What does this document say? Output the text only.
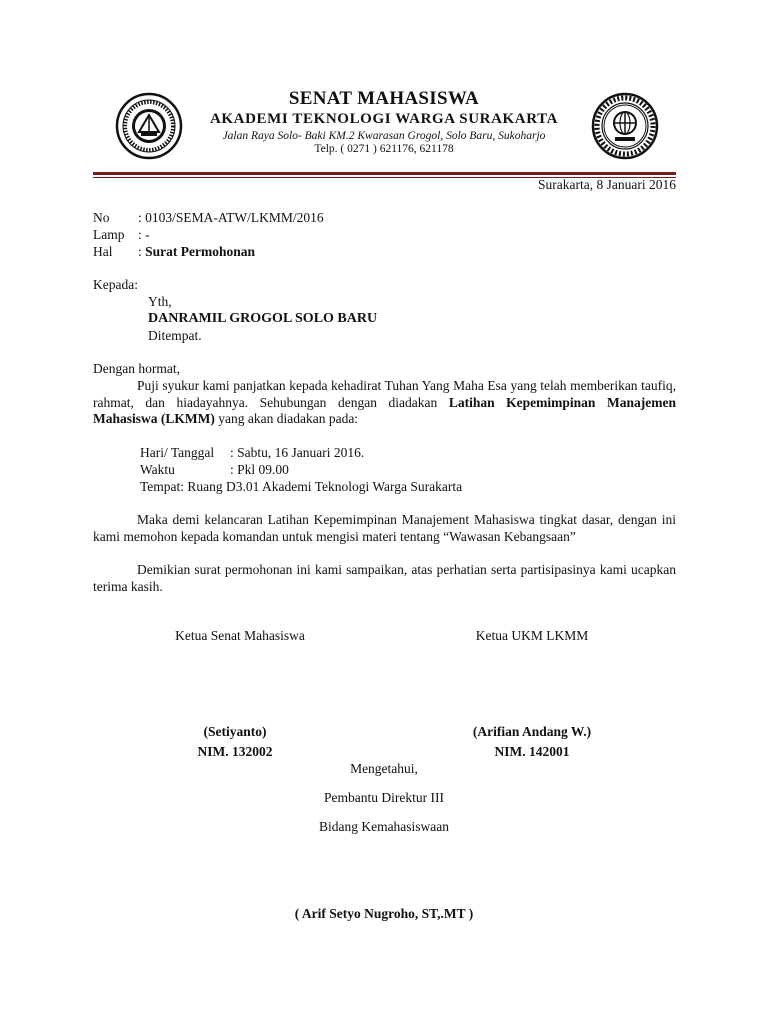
SENAT MAHASISWA
AKADEMI TEKNOLOGI WARGA SURAKARTA
Jalan Raya Solo- Baki KM.2 Kwarasan Grogol, Solo Baru, Sukoharjo
Telp. ( 0271 ) 621176, 621178
Surakarta, 8 Januari 2016
No : 0103/SEMA-ATW/LKMM/2016
Lamp : -
Hal : Surat Permohonan
Kepada:
Yth,
DANRAMIL GROGOL SOLO BARU
Ditempat.
Dengan hormat,
Puji syukur kami panjatkan kepada kehadirat Tuhan Yang Maha Esa yang telah memberikan taufiq, rahmat, dan hiadayahnya. Sehubungan dengan diadakan Latihan Kepemimpinan Manajemen Mahasiswa (LKMM) yang akan diadakan pada:
Hari/ Tanggal : Sabtu, 16 Januari 2016.
Waktu	: Pkl 09.00
Tempat: Ruang D3.01 Akademi Teknologi Warga Surakarta
Maka demi kelancaran Latihan Kepemimpinan Manajement Mahasiswa tingkat dasar, dengan ini kami memohon kepada komandan untuk mengisi materi tentang “Wawasan Kebangsaan”
Demikian surat permohonan ini kami sampaikan, atas perhatian serta partisipasinya kami ucapkan terima kasih.
Ketua Senat Mahasiswa	Ketua UKM LKMM
(Setiyanto)	(Arifian Andang W.)
NIM. 132002	NIM. 142001
Mengetahui,
Pembantu Direktur III
Bidang Kemahasiswaan
( Arif Setyo Nugroho, ST,.MT )
